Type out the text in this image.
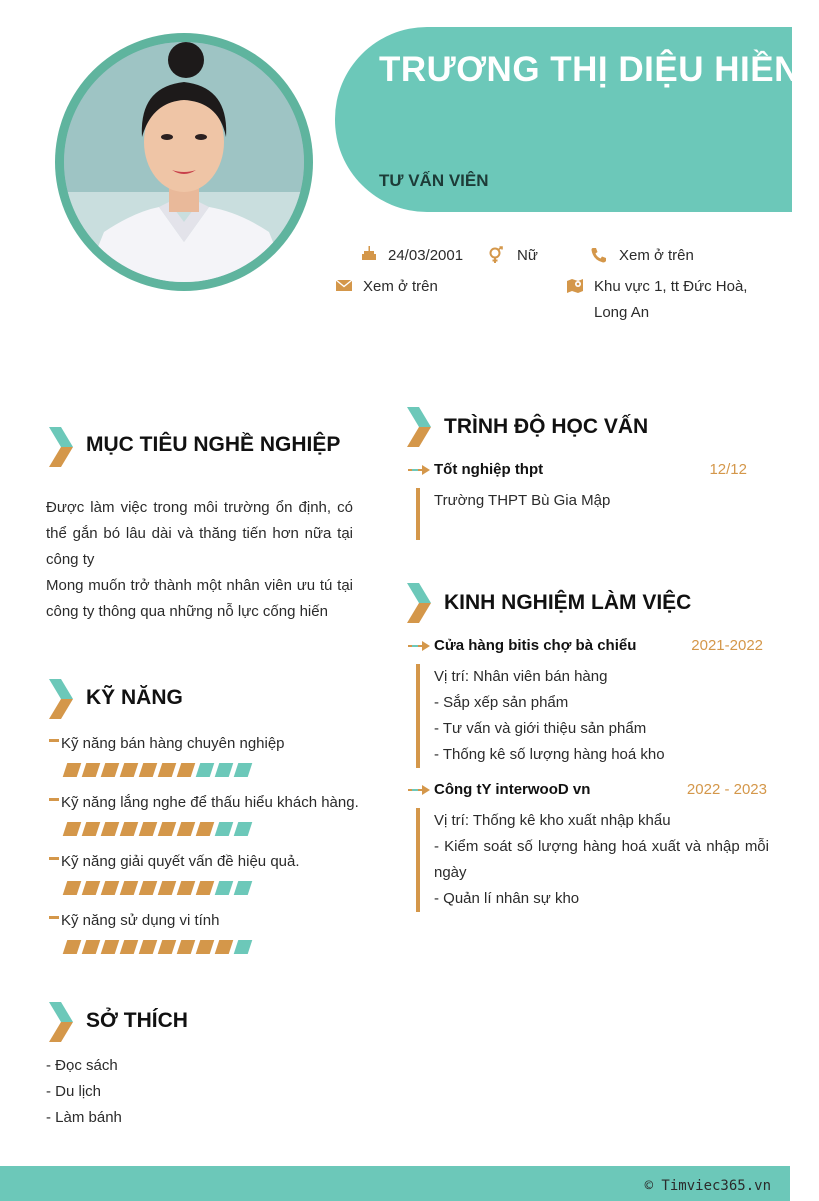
TRƯƠNG THỊ DIỆU HIỀN
TƯ VẤN VIÊN
24/03/2001	Nữ	Xem ở trên
Xem ở trên	Khu vực 1, tt Đức Hoà,
Long An
MỤC TIÊU NGHỀ NGHIỆP
Được làm việc trong môi trường ổn định, có thể gắn bó lâu dài và thăng tiến hơn nữa tại công ty
Mong muốn trở thành một nhân viên ưu tú tại công ty thông qua những nỗ lực cống hiến
KỸ NĂNG
Kỹ năng bán hàng chuyên nghiệp
Kỹ năng lắng nghe để thấu hiểu khách hàng.
Kỹ năng giải quyết vấn đề hiệu quả.
Kỹ năng sử dụng vi tính
SỞ THÍCH
- Đọc sách
- Du lịch
- Làm bánh
TRÌNH ĐỘ HỌC VẤN
Tốt nghiệp thpt	12/12
Trường THPT Bù Gia Mập
KINH NGHIỆM LÀM VIỆC
Cửa hàng bitis chợ bà chiểu	2021-2022
Vị trí: Nhân viên bán hàng
- Sắp xếp sản phẩm
- Tư vấn và giới thiệu sản phẩm
- Thống kê số lượng hàng hoá kho
Công tY interwooD vn	2022 - 2023
Vị trí: Thống kê kho xuất nhập khẩu
- Kiểm soát số lượng hàng hoá xuất và nhập mỗi ngày
- Quản lí nhân sự kho
© Timviec365.vn
